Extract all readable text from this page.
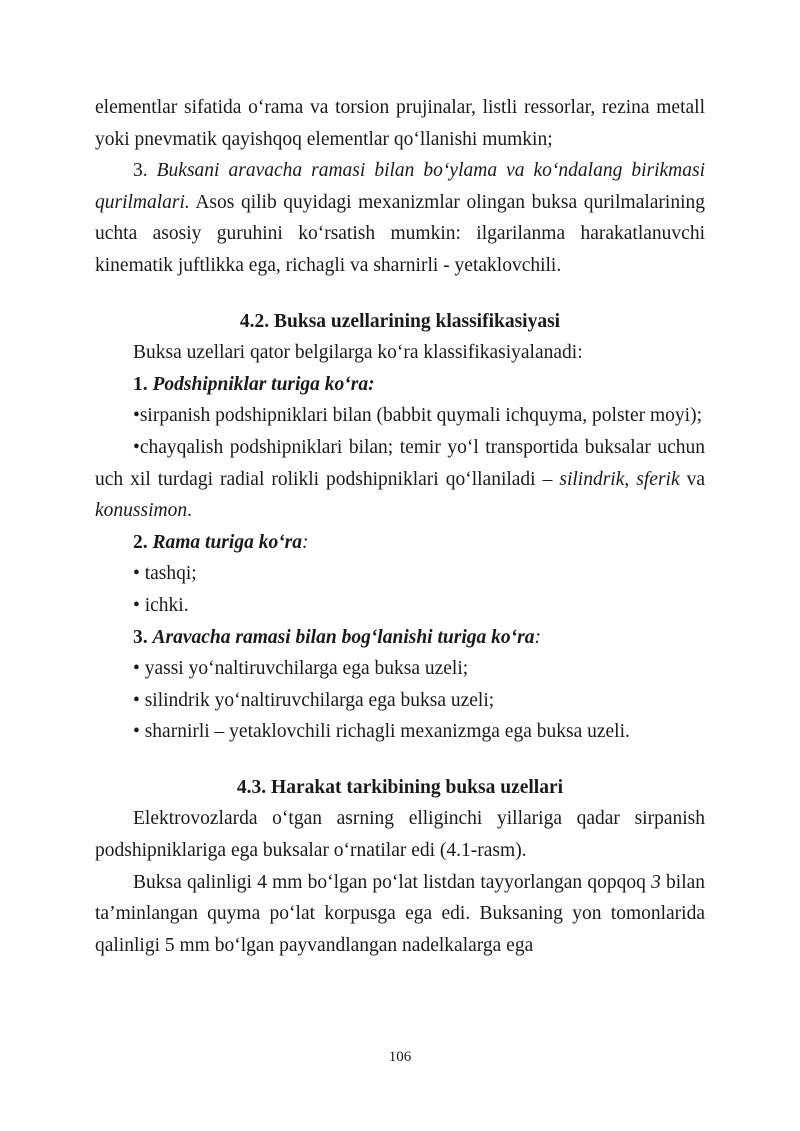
elementlar sifatida o‘rama va torsion prujinalar, listli ressorlar, rezina metall yoki pnevmatik qayishqoq elementlar qo‘llanishi mumkin;

3. Buksani aravacha ramasi bilan bo‘ylama va ko‘ndalang birikmasi qurilmalari. Asos qilib quyidagi mexanizmlar olingan buksa qurilmalarining uchta asosiy guruhini ko‘rsatish mumkin: ilgarilanma harakatlanuvchi kinematik juftlikka ega, richagli va sharnirli - yetaklovchili.

4.2. Buksa uzellarining klassifikasiyasi

Buksa uzellari qator belgilarga ko‘ra klassifikasiyalanadi:

1. Podshipniklar turiga ko‘ra:

•sirpanish podshipniklari bilan (babbit quymali ichquyma, polster moyi);

•chayqalish podshipniklari bilan; temir yo‘l transportida buksalar uchun uch xil turdagi radial rolikli podshipniklari qo‘llaniladi – silindrik, sferik va konussimon.

2. Rama turiga ko‘ra:

• tashqi;

• ichki.

3. Aravacha ramasi bilan bog‘lanishi turiga ko‘ra:

• yassi yo‘naltiruvchilarga ega buksa uzeli;

• silindrik yo‘naltiruvchilarga ega buksa uzeli;

• sharnirli – yetaklovchili richagli mexanizmga ega buksa uzeli.

4.3. Harakat tarkibining buksa uzellari

Elektrovozlarda o‘tgan asrning elliginchi yillariga qadar sirpanish podshipniklariga ega buksalar o‘rnatilar edi (4.1-rasm).

Buksa qalinligi 4 mm bo‘lgan po‘lat listdan tayyorlangan qopqoq 3 bilan ta’minlangan quyma po‘lat korpusga ega edi. Buksaning yon tomonlarida qalinligi 5 mm bo‘lgan payvandlangan nadelkalarga ega

106
